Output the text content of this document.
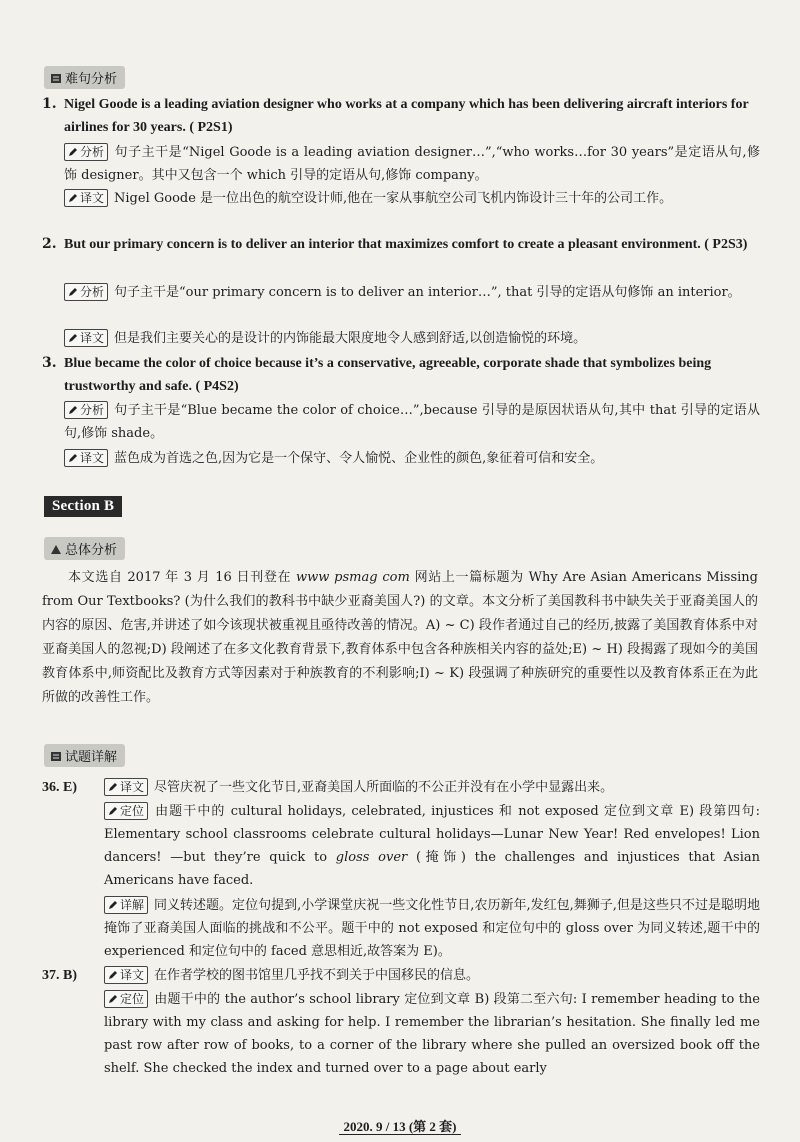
难句分析
1. Nigel Goode is a leading aviation designer who works at a company which has been delivering aircraft interiors for airlines for 30 years. ( P2S1)
分析 句子主干是“Nigel Goode is a leading aviation designer…”,“who works…for 30 years”是定语从句,修饰 designer。其中又包含一个 which 引导的定语从句,修饰 company。
译文 Nigel Goode 是一位出色的航空设计师,他在一家从事航空公司飞机内饰设计三十年的公司工作。
2. But our primary concern is to deliver an interior that maximizes comfort to create a pleasant environment. ( P2S3)
分析 句子主干是“our primary concern is to deliver an interior…”, that 引导的定语从句修饰 an interior。
译文 但是我们主要关心的是设计的内饰能最大限度地令人感到舒适,以创造愉悦的环境。
3. Blue became the color of choice because it’s a conservative, agreeable, corporate shade that symbolizes being trustworthy and safe. ( P4S2)
分析 句子主干是“Blue became the color of choice…”,because 引导的是原因状语从句,其中 that 引导的定语从句,修饰 shade。
译文 蓝色成为首选之色,因为它是一个保守、令人愉悦、企业性的颜色,象征着可信和安全。
Section B
总体分析
本文选自 2017 年 3 月 16 日刊登在 www psmag com 网站上一篇标题为 Why Are Asian Americans Missing from Our Textbooks? (为什么我们的教科书中缺少亚裔美国人?) 的文章。本文分析了美国教科书中缺失关于亚裔美国人的内容的原因、危害,并讲述了如今该现状被重视且亟待改善的情况。A) ~ C) 段作者通过自己的经历,披露了美国教育体系中对亚裔美国人的忽视;D) 段阐述了在多文化教育背景下,教育体系中包含各种族相关内容的益处;E) ~ H) 段揭露了现如今的美国教育体系中,师资配比及教育方式等因素对于种族教育的不利影响;I) ~ K) 段强调了种族研究的重要性以及教育体系正在为此所做的改善性工作。
试题详解
36. E)	译文 尽管庆祝了一些文化节日,亚裔美国人所面临的不公正并没有在小学中显露出来。
定位 由题干中的 cultural holidays, celebrated, injustices 和 not exposed 定位到文章 E) 段第四句: Elementary school classrooms celebrate cultural holidays—Lunar New Year! Red envelopes! Lion dancers! —but they’re quick to gloss over (掩饰) the challenges and injustices that Asian Americans have faced.
详解 同义转述题。定位句提到,小学课堂庆祝一些文化性节日,农历新年,发红包,舞狮子,但是这些只不过是聪明地掩饰了亚裔美国人面临的挑战和不公平。题干中的 not exposed 和定位句中的 gloss over 为同义转述,题干中的 experienced 和定位句中的 faced 意思相近,故答案为 E)。
37. B)	译文 在作者学校的图书馆里几乎找不到关于中国移民的信息。
定位 由题干中的 the author’s school library 定位到文章 B) 段第二至六句: I remember heading to the library with my class and asking for help. I remember the librarian’s hesitation. She finally led me past row after row of books, to a corner of the library where she pulled an oversized book off the shelf. She checked the index and turned over to a page about early
2020. 9 / 13 (第 2 套)
